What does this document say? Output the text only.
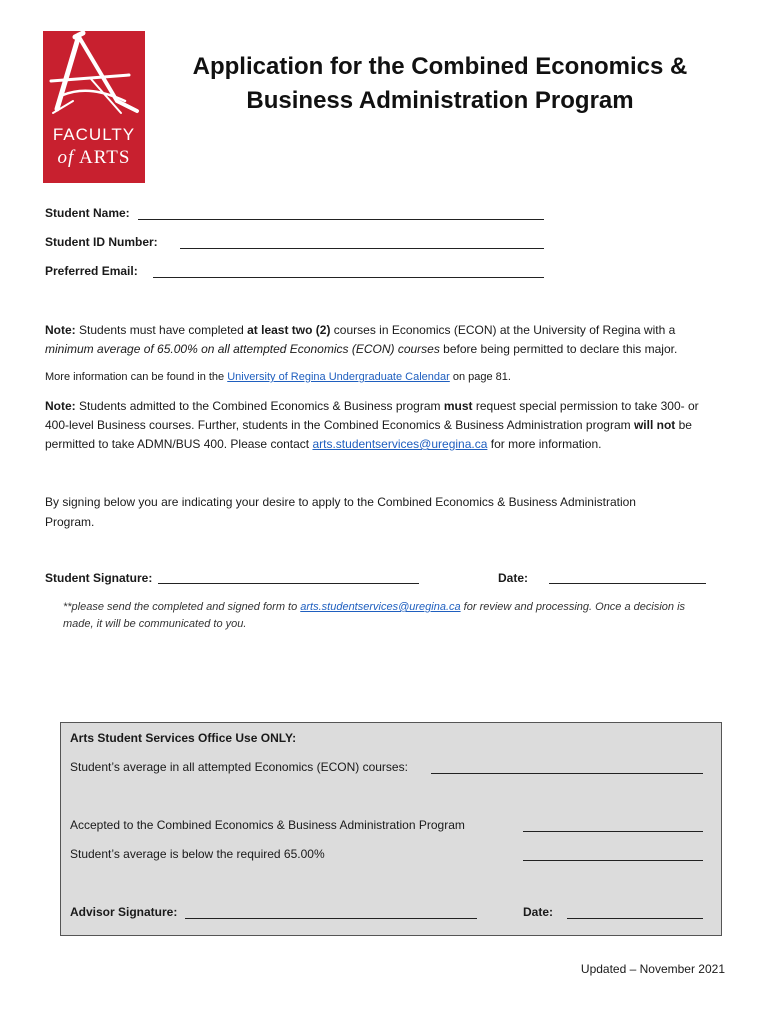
FACULTY
of ARTS
Application for the Combined Economics &
Business Administration Program
Student Name:
Student ID Number:
Preferred Email:
Note: Students must have completed at least two (2) courses in Economics (ECON) at the University of Regina with a minimum average of 65.00% on all attempted Economics (ECON) courses before being permitted to declare this major.
More information can be found in the University of Regina Undergraduate Calendar on page 81.
Note: Students admitted to the Combined Economics & Business program must request special permission to take 300- or 400-level Business courses. Further, students in the Combined Economics & Business Administration program will not be permitted to take ADMN/BUS 400. Please contact arts.studentservices@uregina.ca for more information.
By signing below you are indicating your desire to apply to the Combined Economics & Business Administration Program.
Student Signature:	Date:
**please send the completed and signed form to arts.studentservices@uregina.ca for review and processing. Once a decision is made, it will be communicated to you.
Arts Student Services Office Use ONLY:
Student’s average in all attempted Economics (ECON) courses:
Accepted to the Combined Economics & Business Administration Program
Student’s average is below the required 65.00%
Advisor Signature:	Date:
Updated – November 2021
